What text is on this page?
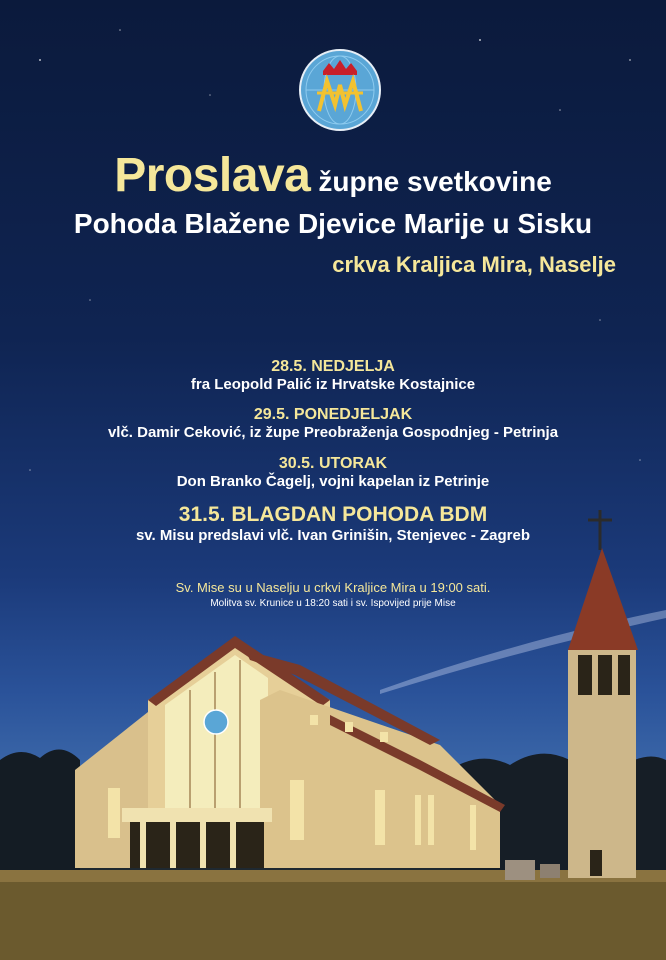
Proslava župne svetkovine
Pohoda Blažene Djevice Marije u Sisku
crkva Kraljica Mira, Naselje
28.5. NEDJELJA
fra Leopold Palić iz Hrvatske Kostajnice
29.5. PONEDJELJAK
vlč. Damir Ceković, iz župe Preobraženja Gospodnjeg - Petrinja
30.5. UTORAK
Don Branko Čagelj, vojni kapelan iz Petrinje
31.5. BLAGDAN POHODA BDM
sv. Misu predslavi vlč. Ivan Grinišin, Stenjevec - Zagreb
Sv. Mise su u Naselju u crkvi Kraljice Mira u 19:00 sati.
Molitva sv. Krunice u 18:20 sati i sv. Ispovijed prije Mise
